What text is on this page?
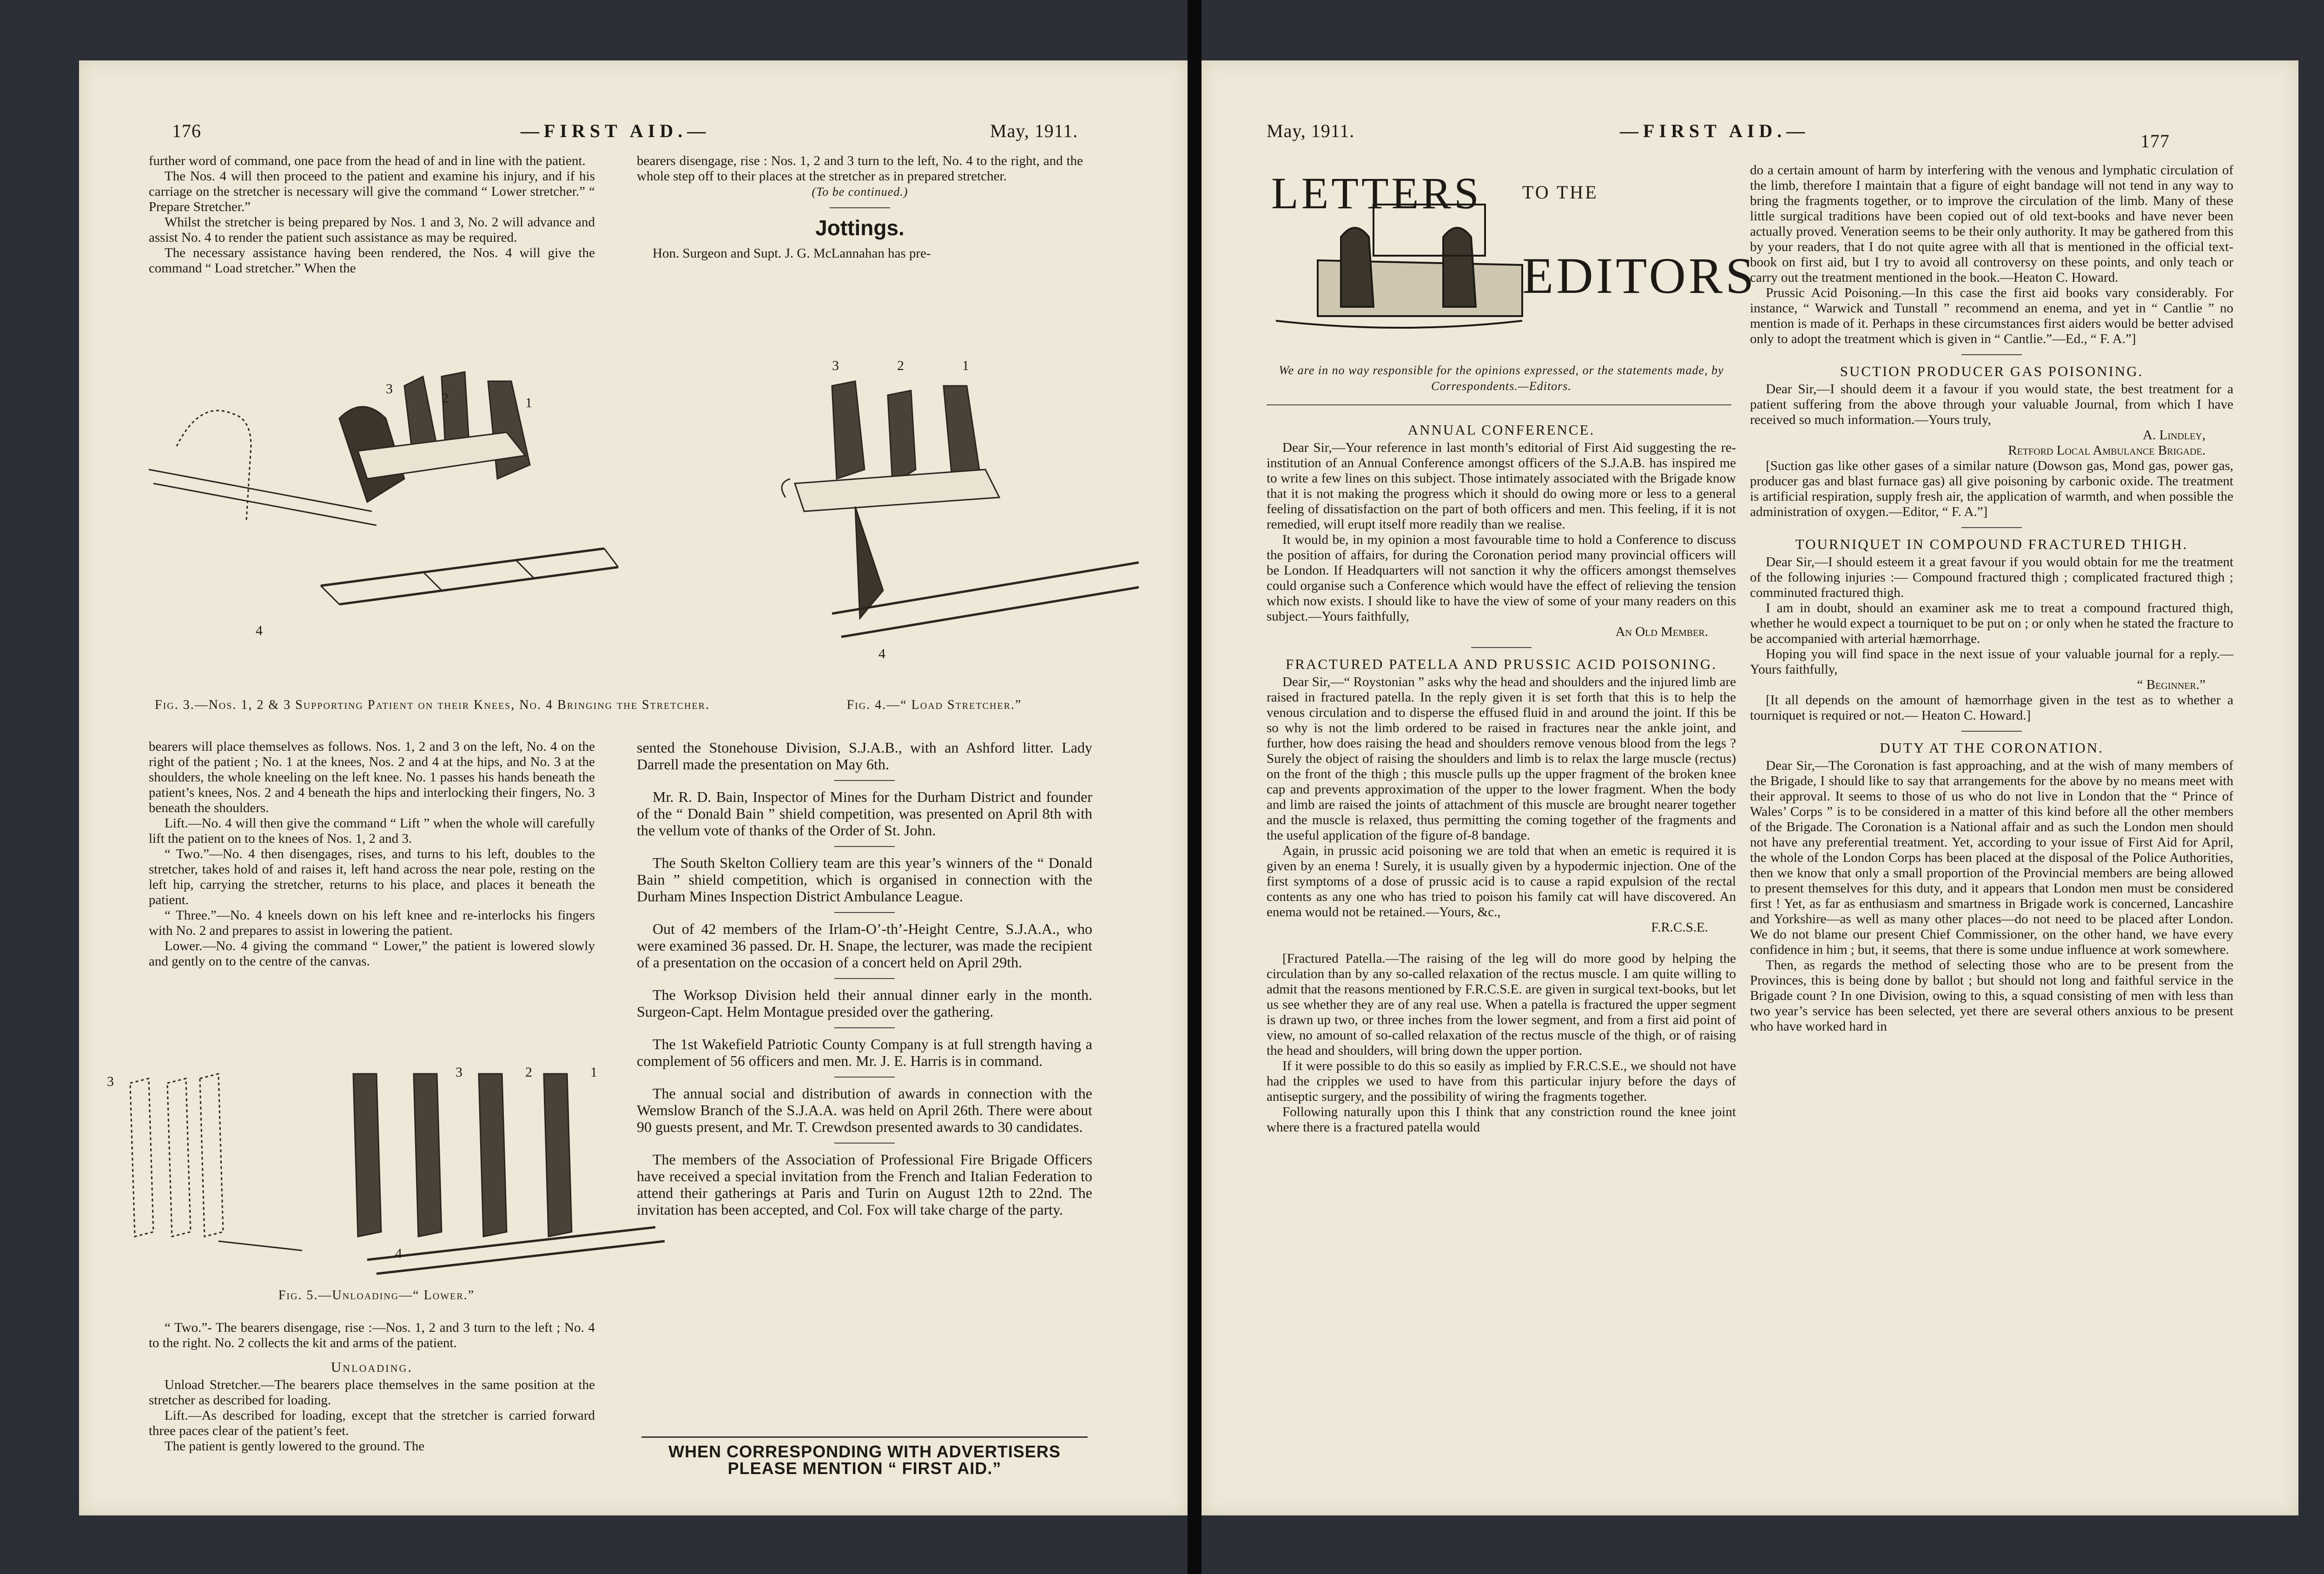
176	—FIRST AID.—	May, 1911.

further word of command, one pace from the head of and in line with the patient.

The Nos. 4 will then proceed to the patient and examine his injury, and if his carriage on the stretcher is necessary will give the command “ Lower stretcher.” “ Prepare Stretcher.”

Whilst the stretcher is being prepared by Nos. 1 and 3, No. 2 will advance and assist No. 4 to render the patient such assistance as may be required.

The necessary assistance having been rendered, the Nos. 4 will give the command “ Load stretcher.” When the

bearers disengage, rise : Nos. 1, 2 and 3 turn to the left, No. 4 to the right, and the whole step off to their places at the stretcher as in prepared stretcher.

(To be continued.)
Jottings.

Hon. Surgeon and Supt. J. G. McLannahan has pre-

3
2	1
4
Fig. 3.—Nos. 1, 2 & 3 Supporting Patient on their Knees, No. 4 Bringing the Stretcher.
3	2	1
4
Fig. 4.—“ Load Stretcher.”

bearers will place themselves as follows. Nos. 1, 2 and 3 on the left, No. 4 on the right of the patient ; No. 1 at the knees, Nos. 2 and 4 at the hips, and No. 3 at the shoulders, the whole kneeling on the left knee. No. 1 passes his hands beneath the patient’s knees, Nos. 2 and 4 beneath the hips and interlocking their fingers, No. 3 beneath the shoulders.

Lift.—No. 4 will then give the command “ Lift ” when the whole will carefully lift the patient on to the knees of Nos. 1, 2 and 3.

“ Two.”—No. 4 then disengages, rises, and turns to his left, doubles to the stretcher, takes hold of and raises it, left hand across the near pole, resting on the left hip, carrying the stretcher, returns to his place, and places it beneath the patient.

“ Three.”—No. 4 kneels down on his left knee and re-interlocks his fingers with No. 2 and prepares to assist in lowering the patient.

Lower.—No. 4 giving the command “ Lower,” the patient is lowered slowly and gently on to the centre of the canvas.

3
3	2	1
4
Fig. 5.—Unloading—“ Lower.”

“ Two.”- The bearers disengage, rise :—Nos. 1, 2 and 3 turn to the left ; No. 4 to the right. No. 2 collects the kit and arms of the patient.

Unloading.

Unload Stretcher.—The bearers place themselves in the same position at the stretcher as described for loading.

Lift.—As described for loading, except that the stretcher is carried forward three paces clear of the patient’s feet.

The patient is gently lowered to the ground. The

sented the Stonehouse Division, S.J.A.B., with an Ashford litter. Lady Darrell made the presentation on May 6th.

Mr. R. D. Bain, Inspector of Mines for the Durham District and founder of the “ Donald Bain ” shield competition, was presented on April 8th with the vellum vote of thanks of the Order of St. John.

The South Skelton Colliery team are this year’s winners of the “ Donald Bain ” shield competition, which is organised in connection with the Durham Mines Inspection District Ambulance League.

Out of 42 members of the Irlam-O’-th’-Height Centre, S.J.A.A., who were examined 36 passed. Dr. H. Snape, the lecturer, was made the recipient of a presentation on the occasion of a concert held on April 29th.

The Worksop Division held their annual dinner early in the month. Surgeon-Capt. Helm Montague presided over the gathering.

The 1st Wakefield Patriotic County Company is at full strength having a complement of 56 officers and men. Mr. J. E. Harris is in command.

The annual social and distribution of awards in connection with the Wemslow Branch of the S.J.A.A. was held on April 26th. There were about 90 guests present, and Mr. T. Crewdson presented awards to 30 candidates.

The members of the Association of Professional Fire Brigade Officers have received a special invitation from the French and Italian Federation to attend their gatherings at Paris and Turin on August 12th to 22nd. The invitation has been accepted, and Col. Fox will take charge of the party.

WHEN CORRESPONDING WITH ADVERTISERS PLEASE MENTION “ FIRST AID.”
May, 1911.	—FIRST AID.—	177
LETTERS TO THE
EDITORS
We are in no way responsible for the opinions expressed, or the statements made, by Correspondents.—Editors.
ANNUAL CONFERENCE.

Dear Sir,—Your reference in last month’s editorial of First Aid suggesting the re-institution of an Annual Conference amongst officers of the S.J.A.B. has inspired me to write a few lines on this subject. Those intimately associated with the Brigade know that it is not making the progress which it should do owing more or less to a general feeling of dissatisfaction on the part of both officers and men. This feeling, if it is not remedied, will erupt itself more readily than we realise.

It would be, in my opinion a most favourable time to hold a Conference to discuss the position of affairs, for during the Coronation period many provincial officers will be London. If Headquarters will not sanction it why the officers amongst themselves could organise such a Conference which would have the effect of relieving the tension which now exists. I should like to have the view of some of your many readers on this subject.—Yours faithfully,

An Old Member.
FRACTURED PATELLA AND PRUSSIC ACID POISONING.

Dear Sir,—“ Roystonian ” asks why the head and shoulders and the injured limb are raised in fractured patella. In the reply given it is set forth that this is to help the venous circulation and to disperse the effused fluid in and around the joint. If this be so why is not the limb ordered to be raised in fractures near the ankle joint, and further, how does raising the head and shoulders remove venous blood from the legs ? Surely the object of raising the shoulders and limb is to relax the large muscle (rectus) on the front of the thigh ; this muscle pulls up the upper fragment of the broken knee cap and prevents approximation of the upper to the lower fragment. When the body and limb are raised the joints of attachment of this muscle are brought nearer together and the muscle is relaxed, thus permitting the coming together of the fragments and the useful application of the figure of-8 bandage.

Again, in prussic acid poisoning we are told that when an emetic is required it is given by an enema ! Surely, it is usually given by a hypodermic injection. One of the first symptoms of a dose of prussic acid is to cause a rapid expulsion of the rectal contents as any one who has tried to poison his family cat will have discovered. An enema would not be retained.—Yours, &c.,

F.R.C.S.E.

[Fractured Patella.—The raising of the leg will do more good by helping the circulation than by any so-called relaxation of the rectus muscle. I am quite willing to admit that the reasons mentioned by F.R.C.S.E. are given in surgical text-books, but let us see whether they are of any real use. When a patella is fractured the upper segment is drawn up two, or three inches from the lower segment, and from a first aid point of view, no amount of so-called relaxation of the rectus muscle of the thigh, or of raising the head and shoulders, will bring down the upper portion.

If it were possible to do this so easily as implied by F.R.C.S.E., we should not have had the cripples we used to have from this particular injury before the days of antiseptic surgery, and the possibility of wiring the fragments together.

Following naturally upon this I think that any constriction round the knee joint where there is a fractured patella would

do a certain amount of harm by interfering with the venous and lymphatic circulation of the limb, therefore I maintain that a figure of eight bandage will not tend in any way to bring the fragments together, or to improve the circulation of the limb. Many of these little surgical traditions have been copied out of old text-books and have never been actually proved. Veneration seems to be their only authority. It may be gathered from this by your readers, that I do not quite agree with all that is mentioned in the official text-book on first aid, but I try to avoid all controversy on these points, and only teach or carry out the treatment mentioned in the book.—Heaton C. Howard.

Prussic Acid Poisoning.—In this case the first aid books vary considerably. For instance, “ Warwick and Tunstall ” recommend an enema, and yet in “ Cantlie ” no mention is made of it. Perhaps in these circumstances first aiders would be better advised only to adopt the treatment which is given in “ Cantlie.”—Ed., “ F. A.”]

SUCTION PRODUCER GAS POISONING.

Dear Sir,—I should deem it a favour if you would state, the best treatment for a patient suffering from the above through your valuable Journal, from which I have received so much information.—Yours truly,

A. Lindley,
Retford Local Ambulance Brigade.

[Suction gas like other gases of a similar nature (Dowson gas, Mond gas, power gas, producer gas and blast furnace gas) all give poisoning by carbonic oxide. The treatment is artificial respiration, supply fresh air, the application of warmth, and when possible the administration of oxygen.—Editor, “ F. A.”]

TOURNIQUET IN COMPOUND FRACTURED THIGH.

Dear Sir,—I should esteem it a great favour if you would obtain for me the treatment of the following injuries :— Compound fractured thigh ; complicated fractured thigh ; comminuted fractured thigh.

I am in doubt, should an examiner ask me to treat a compound fractured thigh, whether he would expect a tourniquet to be put on ; or only when he stated the fracture to be accompanied with arterial hæmorrhage.

Hoping you will find space in the next issue of your valuable journal for a reply.—Yours faithfully,

“ Beginner.”

[It all depends on the amount of hæmorrhage given in the test as to whether a tourniquet is required or not.— Heaton C. Howard.]

DUTY AT THE CORONATION.

Dear Sir,—The Coronation is fast approaching, and at the wish of many members of the Brigade, I should like to say that arrangements for the above by no means meet with their approval. It seems to those of us who do not live in London that the “ Prince of Wales’ Corps ” is to be considered in a matter of this kind before all the other members of the Brigade. The Coronation is a National affair and as such the London men should not have any preferential treatment. Yet, according to your issue of First Aid for April, the whole of the London Corps has been placed at the disposal of the Police Authorities, then we know that only a small proportion of the Provincial members are being allowed to present themselves for this duty, and it appears that London men must be considered first ! Yet, as far as enthusiasm and smartness in Brigade work is concerned, Lancashire and Yorkshire—as well as many other places—do not need to be placed after London. We do not blame our present Chief Commissioner, on the other hand, we have every confidence in him ; but, it seems, that there is some undue influence at work somewhere.

Then, as regards the method of selecting those who are to be present from the Provinces, this is being done by ballot ; but should not long and faithful service in the Brigade count ? In one Division, owing to this, a squad consisting of men with less than two year’s service has been selected, yet there are several others anxious to be present who have worked hard in
